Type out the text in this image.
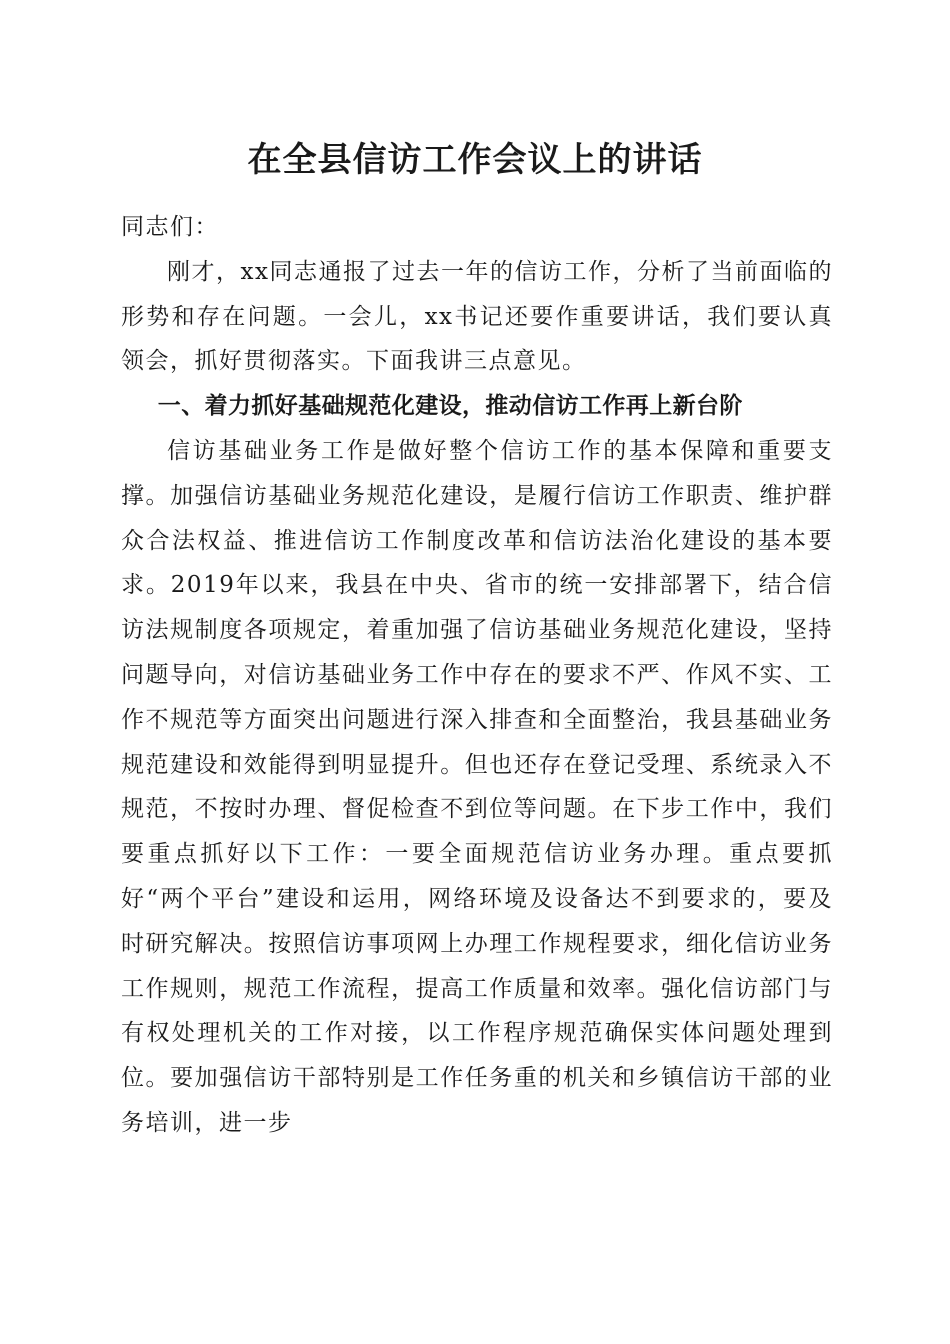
在全县信访工作会议上的讲话

同志们：

刚才，xx同志通报了过去一年的信访工作，分析了当前面临的形势和存在问题。一会儿，xx书记还要作重要讲话，我们要认真领会，抓好贯彻落实。下面我讲三点意见。

一、着力抓好基础规范化建设，推动信访工作再上新台阶

信访基础业务工作是做好整个信访工作的基本保障和重要支撑。加强信访基础业务规范化建设，是履行信访工作职责、维护群众合法权益、推进信访工作制度改革和信访法治化建设的基本要求。2019年以来，我县在中央、省市的统一安排部署下，结合信访法规制度各项规定，着重加强了信访基础业务规范化建设，坚持问题导向，对信访基础业务工作中存在的要求不严、作风不实、工作不规范等方面突出问题进行深入排查和全面整治，我县基础业务规范建设和效能得到明显提升。但也还存在登记受理、系统录入不规范，不按时办理、督促检查不到位等问题。在下步工作中，我们要重点抓好以下工作：一要全面规范信访业务办理。重点要抓好“两个平台”建设和运用，网络环境及设备达不到要求的，要及时研究解决。按照信访事项网上办理工作规程要求，细化信访业务工作规则，规范工作流程，提高工作质量和效率。强化信访部门与有权处理机关的工作对接，以工作程序规范确保实体问题处理到位。要加强信访干部特别是工作任务重的机关和乡镇信访干部的业务培训，进一步
